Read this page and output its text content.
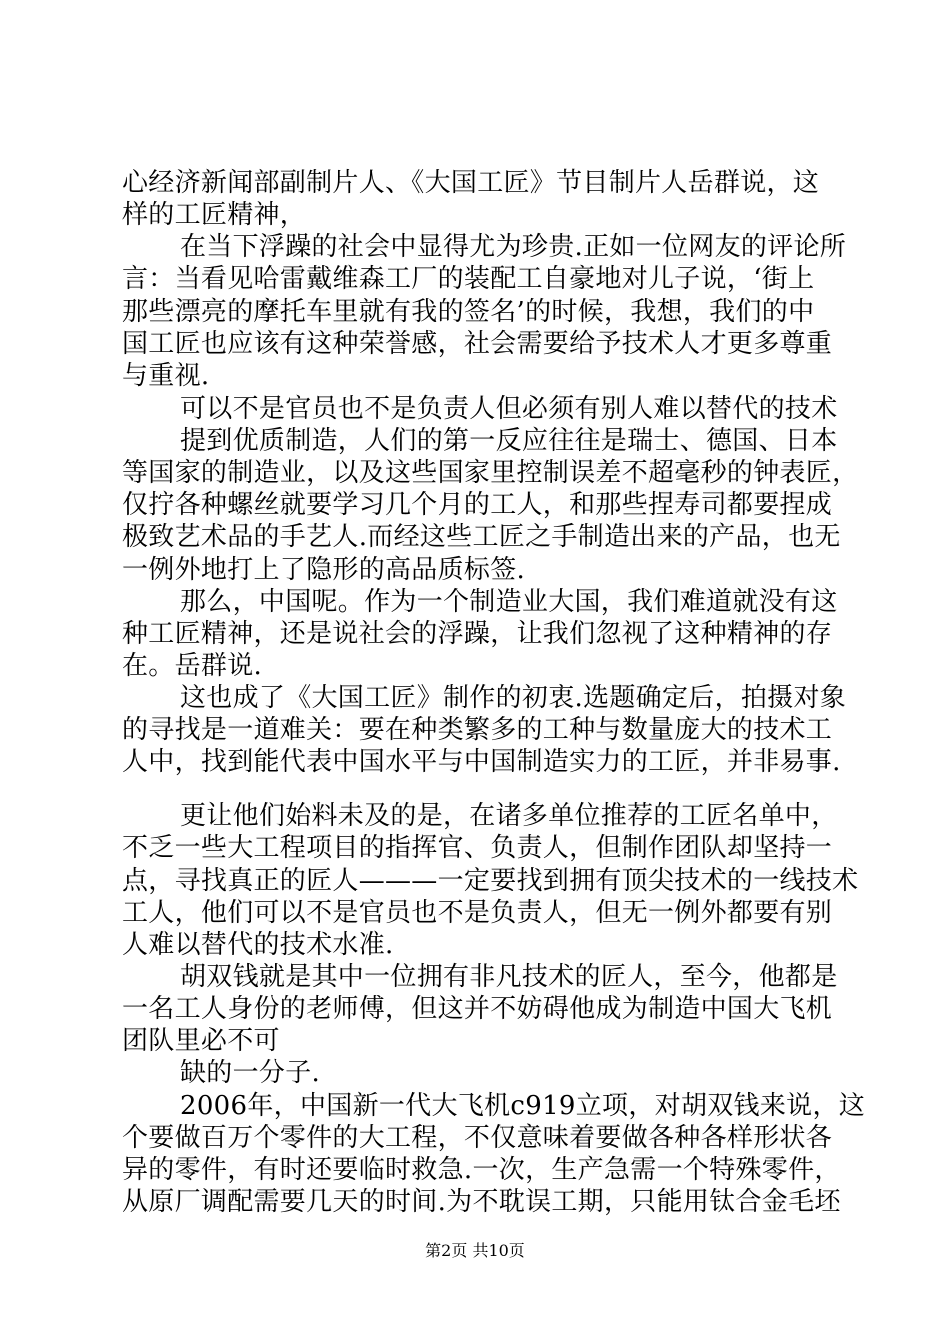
心经济新闻部副制片人、《大国工匠》节目制片人岳群说，这
样的工匠精神，
在当下浮躁的社会中显得尤为珍贵.正如一位网友的评论所
言：当看见哈雷戴维森工厂的装配工自豪地对儿子说，‘街上
那些漂亮的摩托车里就有我的签名’的时候，我想，我们的中
国工匠也应该有这种荣誉感，社会需要给予技术人才更多尊重
与重视.
可以不是官员也不是负责人但必须有别人难以替代的技术
提到优质制造，人们的第一反应往往是瑞士、德国、日本
等国家的制造业，以及这些国家里控制误差不超毫秒的钟表匠，
仅拧各种螺丝就要学习几个月的工人，和那些捏寿司都要捏成
极致艺术品的手艺人.而经这些工匠之手制造出来的产品，也无
一例外地打上了隐形的高品质标签.
那么，中国呢。作为一个制造业大国，我们难道就没有这
种工匠精神，还是说社会的浮躁，让我们忽视了这种精神的存
在。岳群说.
这也成了《大国工匠》制作的初衷.选题确定后，拍摄对象
的寻找是一道难关：要在种类繁多的工种与数量庞大的技术工
人中，找到能代表中国水平与中国制造实力的工匠，并非易事.
更让他们始料未及的是，在诸多单位推荐的工匠名单中，
不乏一些大工程项目的指挥官、负责人，但制作团队却坚持一
点，寻找真正的匠人———一定要找到拥有顶尖技术的一线技术
工人，他们可以不是官员也不是负责人，但无一例外都要有别
人难以替代的技术水准.
胡双钱就是其中一位拥有非凡技术的匠人，至今，他都是
一名工人身份的老师傅，但这并不妨碍他成为制造中国大飞机
团队里必不可
缺的一分子.
2006年，中国新一代大飞机c919立项，对胡双钱来说，这
个要做百万个零件的大工程，不仅意味着要做各种各样形状各
异的零件，有时还要临时救急.一次，生产急需一个特殊零件，
从原厂调配需要几天的时间.为不耽误工期，只能用钛合金毛坯
第2页 共10页
